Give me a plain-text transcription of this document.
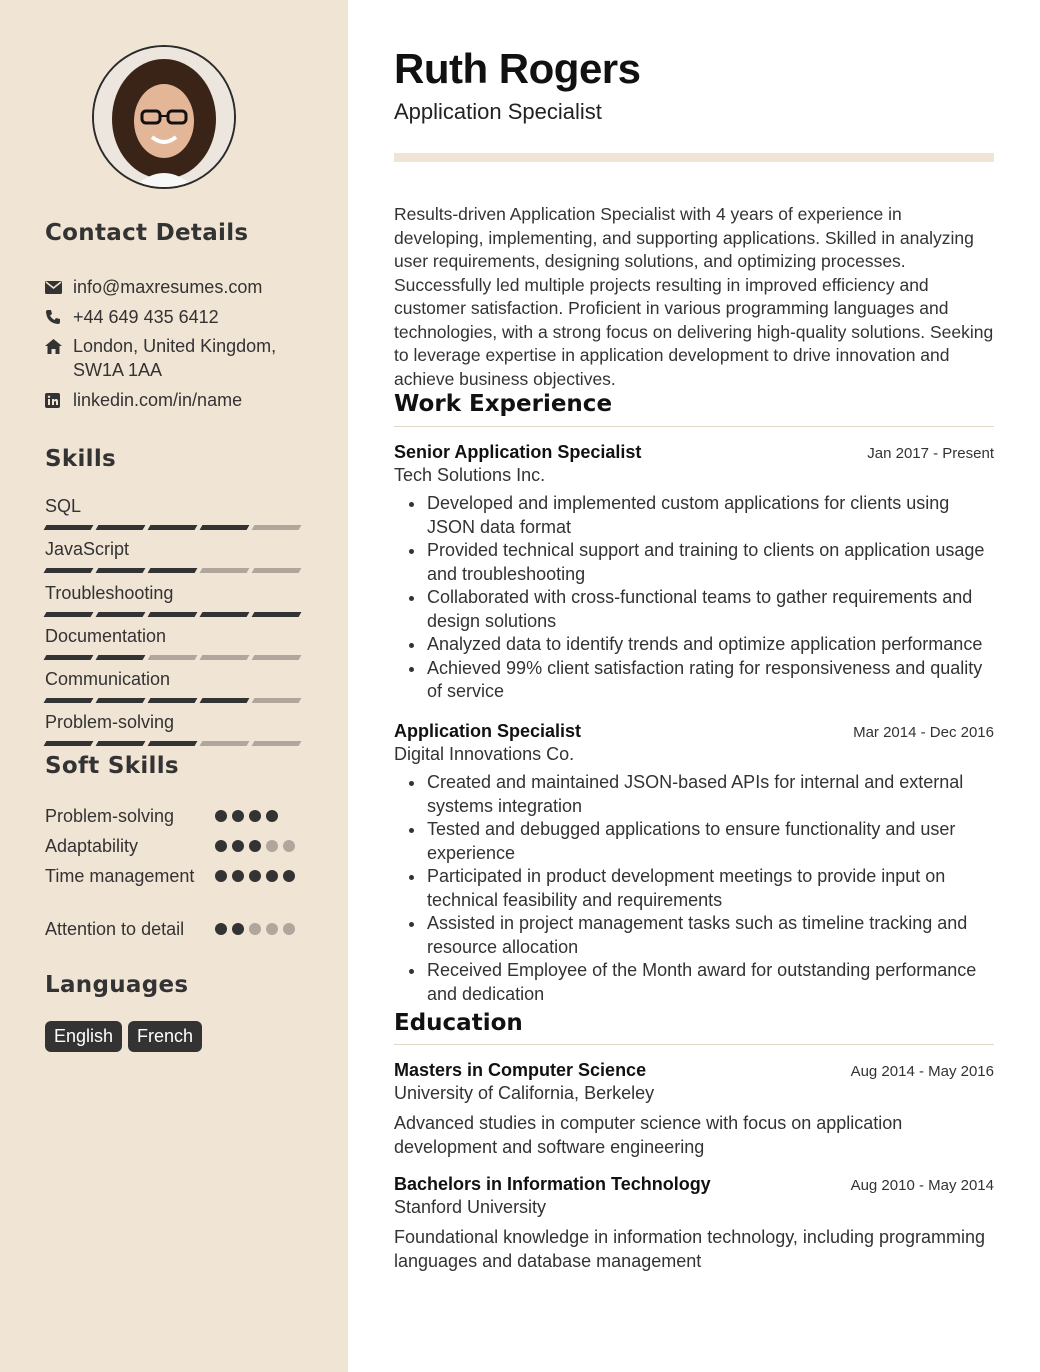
Contact Details
info@maxresumes.com
+44 649 435 6412
London, United Kingdom, SW1A 1AA
linkedin.com/in/name
Skills
SQL
JavaScript
Troubleshooting
Documentation
Communication
Problem-solving
Soft Skills
Problem-solving
Adaptability
Time management
Attention to detail
Languages
English	French
Ruth Rogers
Application Specialist
Results-driven Application Specialist with 4 years of experience in developing, implementing, and supporting applications. Skilled in analyzing user requirements, designing solutions, and optimizing processes. Successfully led multiple projects resulting in improved efficiency and customer satisfaction. Proficient in various programming languages and technologies, with a strong focus on delivering high-quality solutions. Seeking to leverage expertise in application development to drive innovation and achieve business objectives.
Work Experience
Senior Application Specialist	Jan 2017 - Present
Tech Solutions Inc.
Developed and implemented custom applications for clients using JSON data format
Provided technical support and training to clients on application usage and troubleshooting
Collaborated with cross-functional teams to gather requirements and design solutions
Analyzed data to identify trends and optimize application performance
Achieved 99% client satisfaction rating for responsiveness and quality of service
Application Specialist	Mar 2014 - Dec 2016
Digital Innovations Co.
Created and maintained JSON-based APIs for internal and external systems integration
Tested and debugged applications to ensure functionality and user experience
Participated in product development meetings to provide input on technical feasibility and requirements
Assisted in project management tasks such as timeline tracking and resource allocation
Received Employee of the Month award for outstanding performance and dedication
Education
Masters in Computer Science	Aug 2014 - May 2016
University of California, Berkeley
Advanced studies in computer science with focus on application development and software engineering
Bachelors in Information Technology	Aug 2010 - May 2014
Stanford University
Foundational knowledge in information technology, including programming languages and database management
